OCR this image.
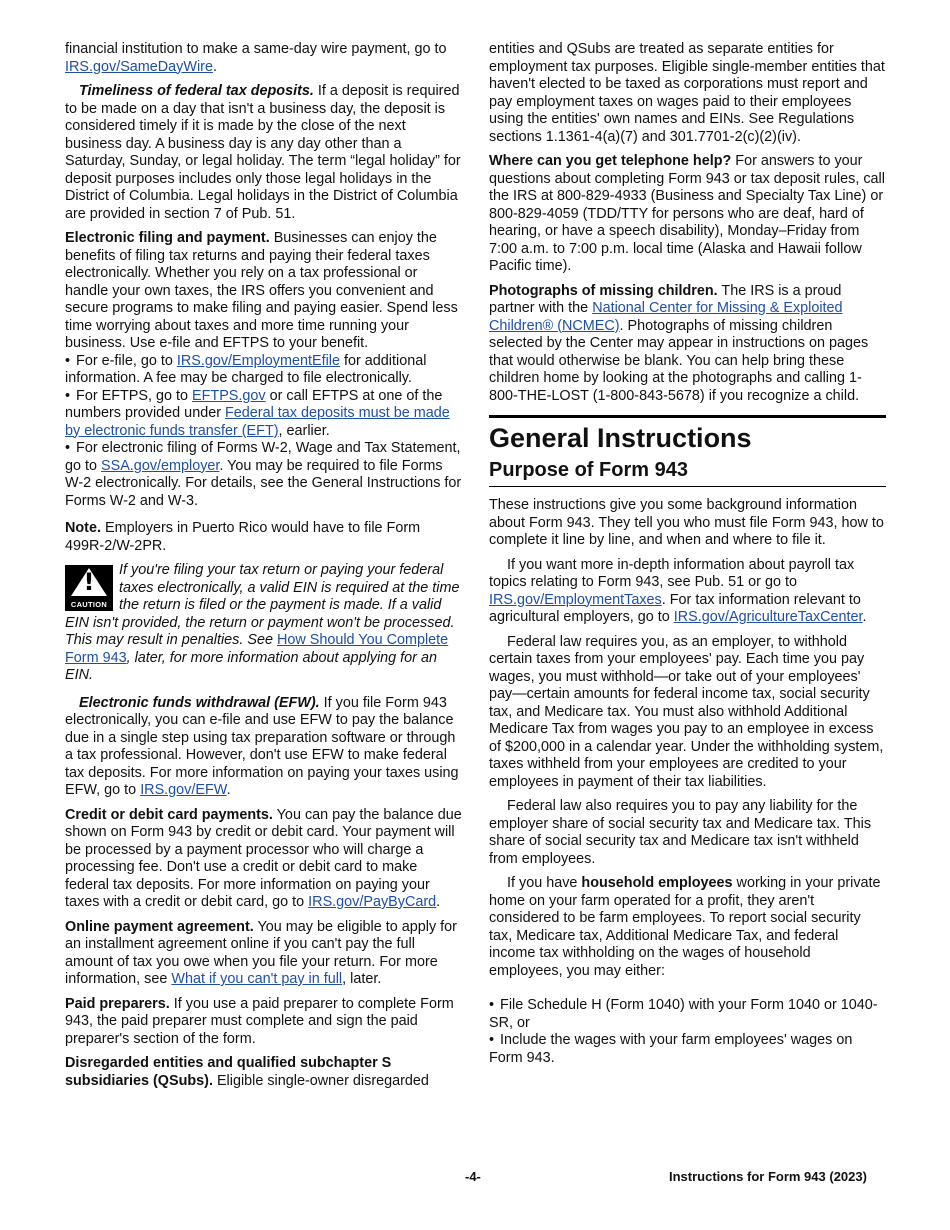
financial institution to make a same-day wire payment, go to IRS.gov/SameDayWire.

Timeliness of federal tax deposits. If a deposit is required to be made on a day that isn't a business day, the deposit is considered timely if it is made by the close of the next business day. A business day is any day other than a Saturday, Sunday, or legal holiday. The term “legal holiday” for deposit purposes includes only those legal holidays in the District of Columbia. Legal holidays in the District of Columbia are provided in section 7 of Pub. 51.

Electronic filing and payment. Businesses can enjoy the benefits of filing tax returns and paying their federal taxes electronically. Whether you rely on a tax professional or handle your own taxes, the IRS offers you convenient and secure programs to make filing and paying easier. Spend less time worrying about taxes and more time running your business. Use e-file and EFTPS to your benefit.

• For e-file, go to IRS.gov/EmploymentEfile for additional information. A fee may be charged to file electronically.

• For EFTPS, go to EFTPS.gov or call EFTPS at one of the numbers provided under Federal tax deposits must be made by electronic funds transfer (EFT), earlier.

• For electronic filing of Forms W-2, Wage and Tax Statement, go to SSA.gov/employer. You may be required to file Forms W-2 electronically. For details, see the General Instructions for Forms W-2 and W-3.

Note. Employers in Puerto Rico would have to file Form 499R-2/W-2PR.

!
CAUTION
If you're filing your tax return or paying your federal taxes electronically, a valid EIN is required at the time the return is filed or the payment is made. If a valid EIN isn't provided, the return or payment won't be processed. This may result in penalties. See How Should You Complete Form 943, later, for more information about applying for an EIN.

Electronic funds withdrawal (EFW). If you file Form 943 electronically, you can e-file and use EFW to pay the balance due in a single step using tax preparation software or through a tax professional. However, don't use EFW to make federal tax deposits. For more information on paying your taxes using EFW, go to IRS.gov/EFW.

Credit or debit card payments. You can pay the balance due shown on Form 943 by credit or debit card. Your payment will be processed by a payment processor who will charge a processing fee. Don't use a credit or debit card to make federal tax deposits. For more information on paying your taxes with a credit or debit card, go to IRS.gov/PayByCard.

Online payment agreement. You may be eligible to apply for an installment agreement online if you can't pay the full amount of tax you owe when you file your return. For more information, see What if you can't pay in full, later.

Paid preparers. If you use a paid preparer to complete Form 943, the paid preparer must complete and sign the paid preparer's section of the form.

Disregarded entities and qualified subchapter S subsidiaries (QSubs). Eligible single-owner disregarded

entities and QSubs are treated as separate entities for employment tax purposes. Eligible single-member entities that haven't elected to be taxed as corporations must report and pay employment taxes on wages paid to their employees using the entities' own names and EINs. See Regulations sections 1.1361-4(a)(7) and 301.7701-2(c)(2)(iv).

Where can you get telephone help? For answers to your questions about completing Form 943 or tax deposit rules, call the IRS at 800-829-4933 (Business and Specialty Tax Line) or 800-829-4059 (TDD/TTY for persons who are deaf, hard of hearing, or have a speech disability), Monday–Friday from 7:00 a.m. to 7:00 p.m. local time (Alaska and Hawaii follow Pacific time).

Photographs of missing children. The IRS is a proud partner with the National Center for Missing & Exploited Children® (NCMEC). Photographs of missing children selected by the Center may appear in instructions on pages that would otherwise be blank. You can help bring these children home by looking at the photographs and calling 1-800-THE-LOST (1-800-843-5678) if you recognize a child.

General Instructions
Purpose of Form 943

These instructions give you some background information about Form 943. They tell you who must file Form 943, how to complete it line by line, and when and where to file it.

If you want more in-depth information about payroll tax topics relating to Form 943, see Pub. 51 or go to IRS.gov/EmploymentTaxes. For tax information relevant to agricultural employers, go to IRS.gov/AgricultureTaxCenter.

Federal law requires you, as an employer, to withhold certain taxes from your employees' pay. Each time you pay wages, you must withhold—or take out of your employees' pay—certain amounts for federal income tax, social security tax, and Medicare tax. You must also withhold Additional Medicare Tax from wages you pay to an employee in excess of $200,000 in a calendar year. Under the withholding system, taxes withheld from your employees are credited to your employees in payment of their tax liabilities.

Federal law also requires you to pay any liability for the employer share of social security tax and Medicare tax. This share of social security tax and Medicare tax isn't withheld from employees.

If you have household employees working in your private home on your farm operated for a profit, they aren't considered to be farm employees. To report social security tax, Medicare tax, Additional Medicare Tax, and federal income tax withholding on the wages of household employees, you may either:

• File Schedule H (Form 1040) with your Form 1040 or 1040-SR, or

• Include the wages with your farm employees' wages on Form 943.

-4-	Instructions for Form 943 (2023)
